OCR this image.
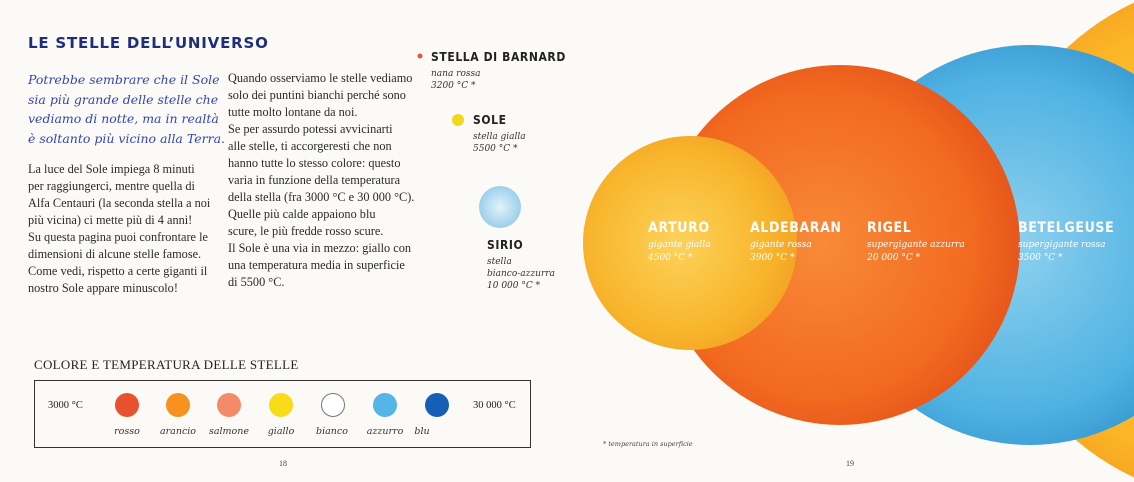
LE STELLE DELL’UNIVERSO
Potrebbe sembrare che il Sole
sia più grande delle stelle che
vediamo di notte, ma in realtà
è soltanto più vicino alla Terra.
La luce del Sole impiega 8 minuti
per raggiungerci, mentre quella di
Alfa Centauri (la seconda stella a noi
più vicina) ci mette più di 4 anni!
Su questa pagina puoi confrontare le
dimensioni di alcune stelle famose.
Come vedi, rispetto a certe giganti il
nostro Sole appare minuscolo!
Quando osserviamo le stelle vediamo
solo dei puntini bianchi perché sono
tutte molto lontane da noi.
Se per assurdo potessi avvicinarti
alle stelle, ti accorgeresti che non
hanno tutte lo stesso colore: questo
varia in funzione della temperatura
della stella (fra 3000 °C e 30 000 °C).
Quelle più calde appaiono blu
scure, le più fredde rosso scure.
Il Sole è una via in mezzo: giallo con
una temperatura media in superficie
di 5500 °C.
STELLA DI BARNARD
nana rossa
3200 °C *
SOLE
stella gialla
5500 °C *
SIRIO
stella
bianco-azzurra
10 000 °C *
ARTURO
gigante gialla
4500 °C *
ALDEBARAN
gigante rossa
3900 °C *
RIGEL
supergigante azzurra
20 000 °C *
BETELGEUSE
supergigante rossa
3500 °C *
COLORE E TEMPERATURA DELLE STELLE
3000 °C	30 000 °C
rosso	arancio	salmone	giallo	bianco	azzurro	blu
* temperatura in superficie
18	19
